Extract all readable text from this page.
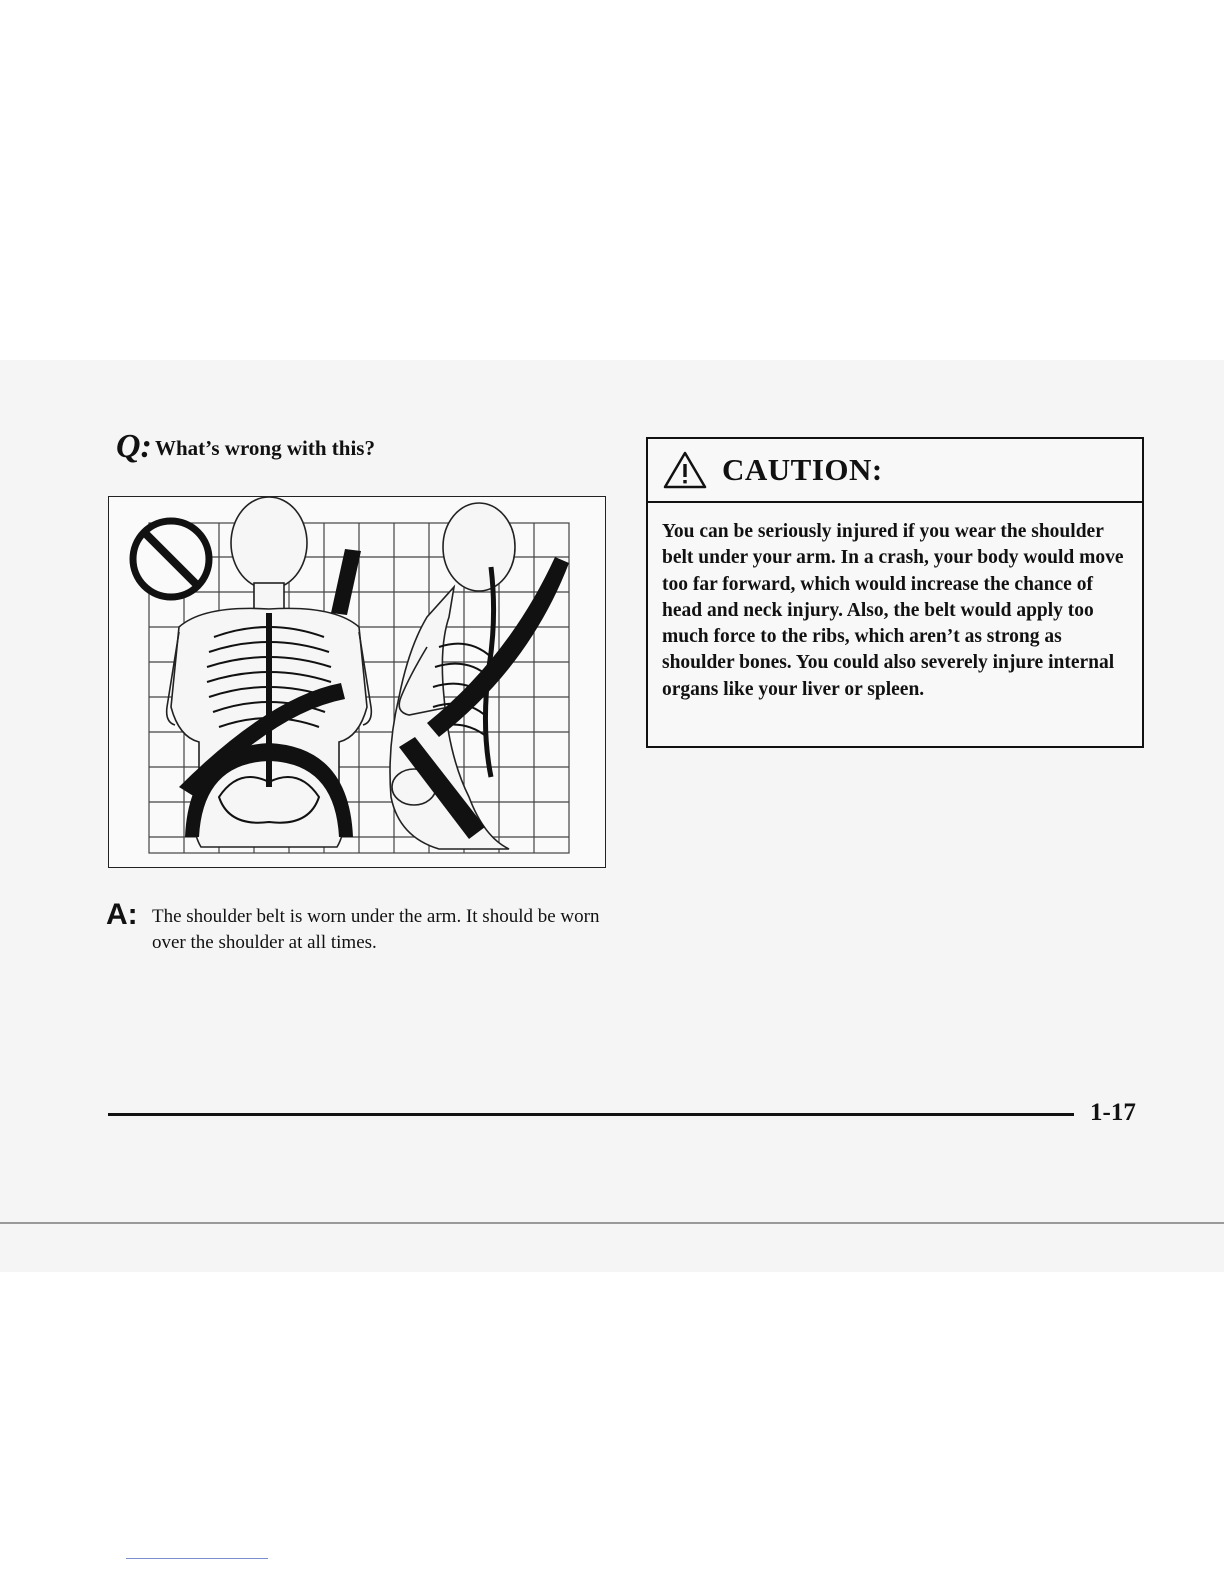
Q: What’s wrong with this?
A: The shoulder belt is worn under the arm. It should be worn over the shoulder at all times.
CAUTION:
You can be seriously injured if you wear the shoulder belt under your arm. In a crash, your body would move too far forward, which would increase the chance of head and neck injury. Also, the belt would apply too much force to the ribs, which aren’t as strong as shoulder bones. You could also severely injure internal organs like your liver or spleen.
1-17
